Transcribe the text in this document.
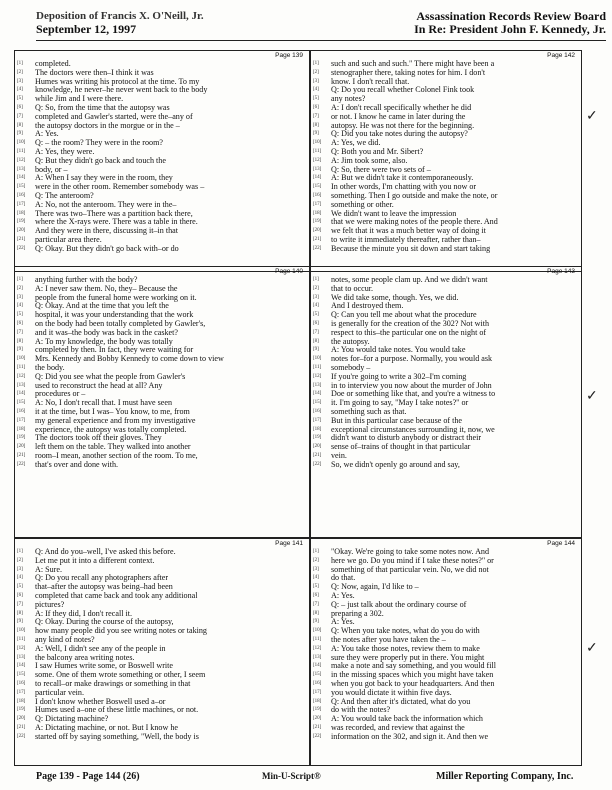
Deposition of Francis X. O'Neill, Jr.
September 12, 1997
Assassination Records Review Board
In Re: President John F. Kennedy, Jr.
Page 139
[1]	completed.
[2]	The doctors were then–I think it was
[3]	Humes was writing his protocol at the time. To my
[4]	knowledge, he never–he never went back to the body
[5]	while Jim and I were there.
[6]	Q: So, from the time that the autopsy was
[7]	completed and Gawler's started, were the–any of
[8]	the autopsy doctors in the morgue or in the –
[9]	A: Yes.
[10]	Q: – the room? They were in the room?
[11]	A: Yes, they were.
[12]	Q: But they didn't go back and touch the
[13]	body, or –
[14]	A: When I say they were in the room, they
[15]	were in the other room. Remember somebody was –
[16]	Q: The anteroom?
[17]	A: No, not the anteroom. They were in the–
[18]	There was two–There was a partition back there,
[19]	where the X-rays were. There was a table in there.
[20]	And they were in there, discussing it–in that
[21]	particular area there.
[22]	Q: Okay. But they didn't go back with–or do
Page 140
[1]	anything further with the body?
[2]	A: I never saw them. No, they– Because the
[3]	people from the funeral home were working on it.
[4]	Q: Okay. And at the time that you left the
[5]	hospital, it was your understanding that the work
[6]	on the body had been totally completed by Gawler's,
[7]	and it was–the body was back in the casket?
[8]	A: To my knowledge, the body was totally
[9]	completed by then. In fact, they were waiting for
[10]	Mrs. Kennedy and Bobby Kennedy to come down to view
[11]	the body.
[12]	Q: Did you see what the people from Gawler's
[13]	used to reconstruct the head at all? Any
[14]	procedures or –
[15]	A: No, I don't recall that. I must have seen
[16]	it at the time, but I was– You know, to me, from
[17]	my general experience and from my investigative
[18]	experience, the autopsy was totally completed.
[19]	The doctors took off their gloves. They
[20]	left them on the table. They walked into another
[21]	room–I mean, another section of the room. To me,
[22]	that's over and done with.
Page 141
[1]	Q: And do you–well, I've asked this before.
[2]	Let me put it into a different context.
[3]	A: Sure.
[4]	Q: Do you recall any photographers after
[5]	that–after the autopsy was being–had been
[6]	completed that came back and took any additional
[7]	pictures?
[8]	A: If they did, I don't recall it.
[9]	Q: Okay. During the course of the autopsy,
[10]	how many people did you see writing notes or taking
[11]	any kind of notes?
[12]	A: Well, I didn't see any of the people in
[13]	the balcony area writing notes.
[14]	I saw Humes write some, or Boswell write
[15]	some. One of them wrote something or other, I seem
[16]	to recall–or make drawings or something in that
[17]	particular vein.
[18]	I don't know whether Boswell used a–or
[19]	Humes used a–one of these little machines, or not.
[20]	Q: Dictating machine?
[21]	A: Dictating machine, or not. But I know he
[22]	started off by saying something, "Well, the body is
Page 142
[1]	such and such and such." There might have been a
[2]	stenographer there, taking notes for him. I don't
[3]	know. I don't recall that.
[4]	Q: Do you recall whether Colonel Fink took
[5]	any notes?
[6]	A: I don't recall specifically whether he did
[7]	or not. I know he came in later during the
[8]	autopsy. He was not there for the beginning.
[9]	Q: Did you take notes during the autopsy?
[10]	A: Yes, we did.
[11]	Q: Both you and Mr. Sibert?
[12]	A: Jim took some, also.
[13]	Q: So, there were two sets of –
[14]	A: But we didn't take it contemporaneously.
[15]	In other words, I'm chatting with you now or
[16]	something. Then I go outside and make the note, or
[17]	something or other.
[18]	We didn't want to leave the impression
[19]	that we were making notes of the people there. And
[20]	we felt that it was a much better way of doing it
[21]	to write it immediately thereafter, rather than–
[22]	Because the minute you sit down and start taking
Page 143
[1]	notes, some people clam up. And we didn't want
[2]	that to occur.
[3]	We did take some, though. Yes, we did.
[4]	And I destroyed them.
[5]	Q: Can you tell me about what the procedure
[6]	is generally for the creation of the 302? Not with
[7]	respect to this–the particular one on the night of
[8]	the autopsy.
[9]	A: You would take notes. You would take
[10]	notes for–for a purpose. Normally, you would ask
[11]	somebody –
[12]	If you're going to write a 302–I'm coming
[13]	in to interview you now about the murder of John
[14]	Doe or something like that, and you're a witness to
[15]	it. I'm going to say, "May I take notes?" or
[16]	something such as that.
[17]	But in this particular case because of the
[18]	exceptional circumstances surrounding it, now, we
[19]	didn't want to disturb anybody or distract their
[20]	sense of–trains of thought in that particular
[21]	vein.
[22]	So, we didn't openly go around and say,
Page 144
[1]	"Okay. We're going to take some notes now. And
[2]	here we go. Do you mind if I take these notes?" or
[3]	something of that particular vein. No, we did not
[4]	do that.
[5]	Q: Now, again, I'd like to –
[6]	A: Yes.
[7]	Q: – just talk about the ordinary course of
[8]	preparing a 302.
[9]	A: Yes.
[10]	Q: When you take notes, what do you do with
[11]	the notes after you have taken the –
[12]	A: You take those notes, review them to make
[13]	sure they were properly put in there. You might
[14]	make a note and say something, and you would fill
[15]	in the missing spaces which you might have taken
[16]	when you got back to your headquarters. And then
[17]	you would dictate it within five days.
[18]	Q: And then after it's dictated, what do you
[19]	do with the notes?
[20]	A: You would take back the information which
[21]	was recorded, and review that against the
[22]	information on the 302, and sign it. And then we
✓
✓
✓
Page 139 - Page 144 (26)	Min-U-Script®	Miller Reporting Company, Inc.
